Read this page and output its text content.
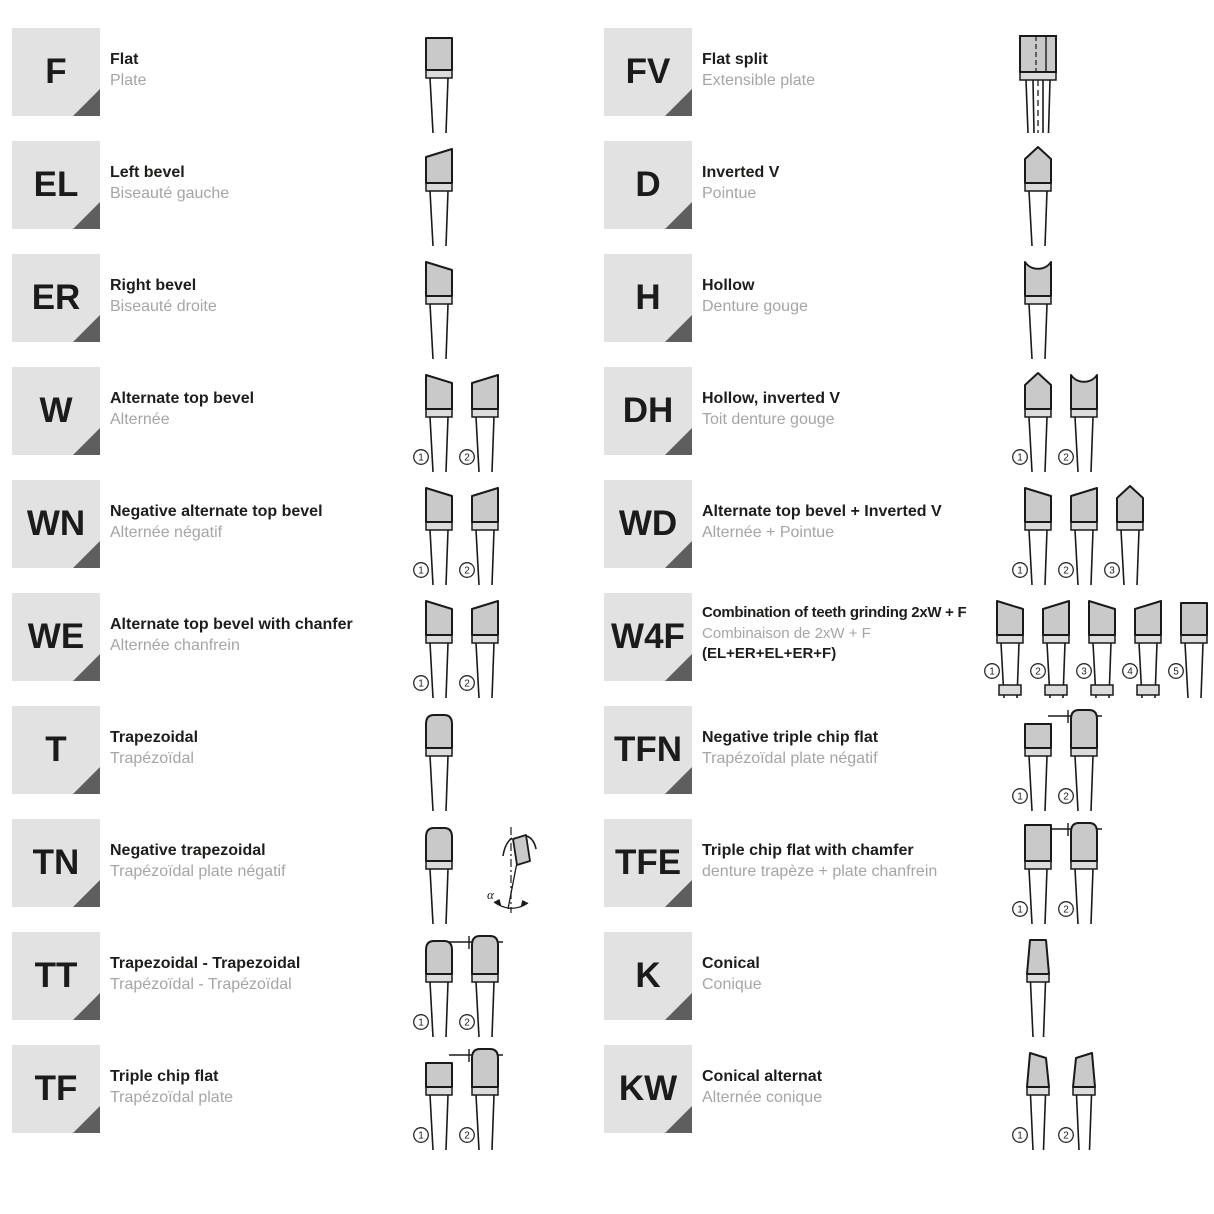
F	Flat
Plate
EL Left bevel
Biseauté gauche
ER Right bevel
Biseauté droite
W Alternate top bevel
Alternée
1	2
WN Negative alternate top bevel
Alternée négatif
1	2
WE Alternate top bevel with chanfer
Alternée chanfrein
1	2
T	Trapezoidal
Trapézoïdal
TN Negative trapezoidal
Trapézoïdal plate négatif
α
TT Trapezoidal - Trapezoidal
Trapézoïdal - Trapézoïdal
1	2
TF Triple chip flat
Trapézoïdal plate
1	2
FV Flat split
Extensible plate
D	Inverted V
Pointue
H	Hollow
Denture gouge
DH Hollow, inverted V
Toit denture gouge
1	2
WD Alternate top bevel + Inverted V
Alternée + Pointue
1	2	3
W4F
Combination of teeth grinding 2xW + F
Combinaison de 2xW + F
(EL+ER+EL+ER+F)
1	2	3	4	5
TFN Negative triple chip flat
Trapézoïdal plate négatif
1	2
TFE Triple chip flat with chamfer
denture trapèze + plate chanfrein
1	2
K	Conical
Conique
KW Conical alternat
Alternée conique
1	2
